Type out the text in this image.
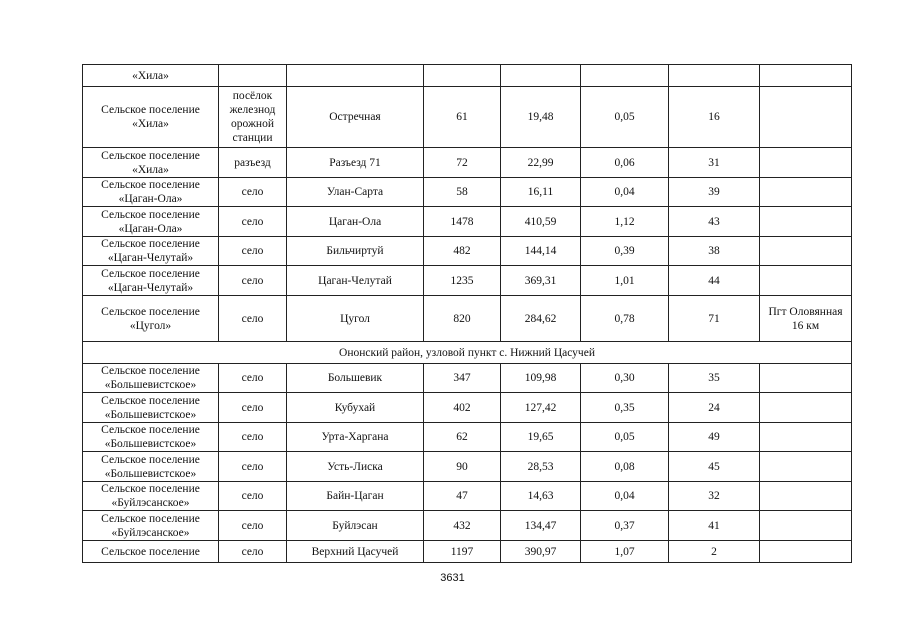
«Хила»							
Сельское поселение «Хила»	посёлок железнод орожной станции	Остречная	61	19,48	0,05	16	
Сельское поселение «Хила»	разъезд	Разъезд 71	72	22,99	0,06	31	
Сельское поселение «Цаган-Ола»	село	Улан-Сарта	58	16,11	0,04	39	
Сельское поселение «Цаган-Ола»	село	Цаган-Ола	1478	410,59	1,12	43	
Сельское поселение «Цаган-Челутай»	село	Бильчиртуй	482	144,14	0,39	38	
Сельское поселение «Цаган-Челутай»	село	Цаган-Челутай	1235	369,31	1,01	44	
Сельское поселение «Цугол»	село	Цугол	820	284,62	0,78	71	Пгт Оловянная 16 км
Ононский район, узловой пункт с. Нижний Цасучей							
Сельское поселение «Большевистское»	село	Большевик	347	109,98	0,30	35	
Сельское поселение «Большевистское»	село	Кубухай	402	127,42	0,35	24	
Сельское поселение «Большевистское»	село	Урта-Харгана	62	19,65	0,05	49	
Сельское поселение «Большевистское»	село	Усть-Лиска	90	28,53	0,08	45	
Сельское поселение «Буйлэсанское»	село	Байн-Цаган	47	14,63	0,04	32	
Сельское поселение «Буйлэсанское»	село	Буйлэсан	432	134,47	0,37	41	
Сельское поселение	село	Верхний Цасучей	1197	390,97	1,07	2	
3631
